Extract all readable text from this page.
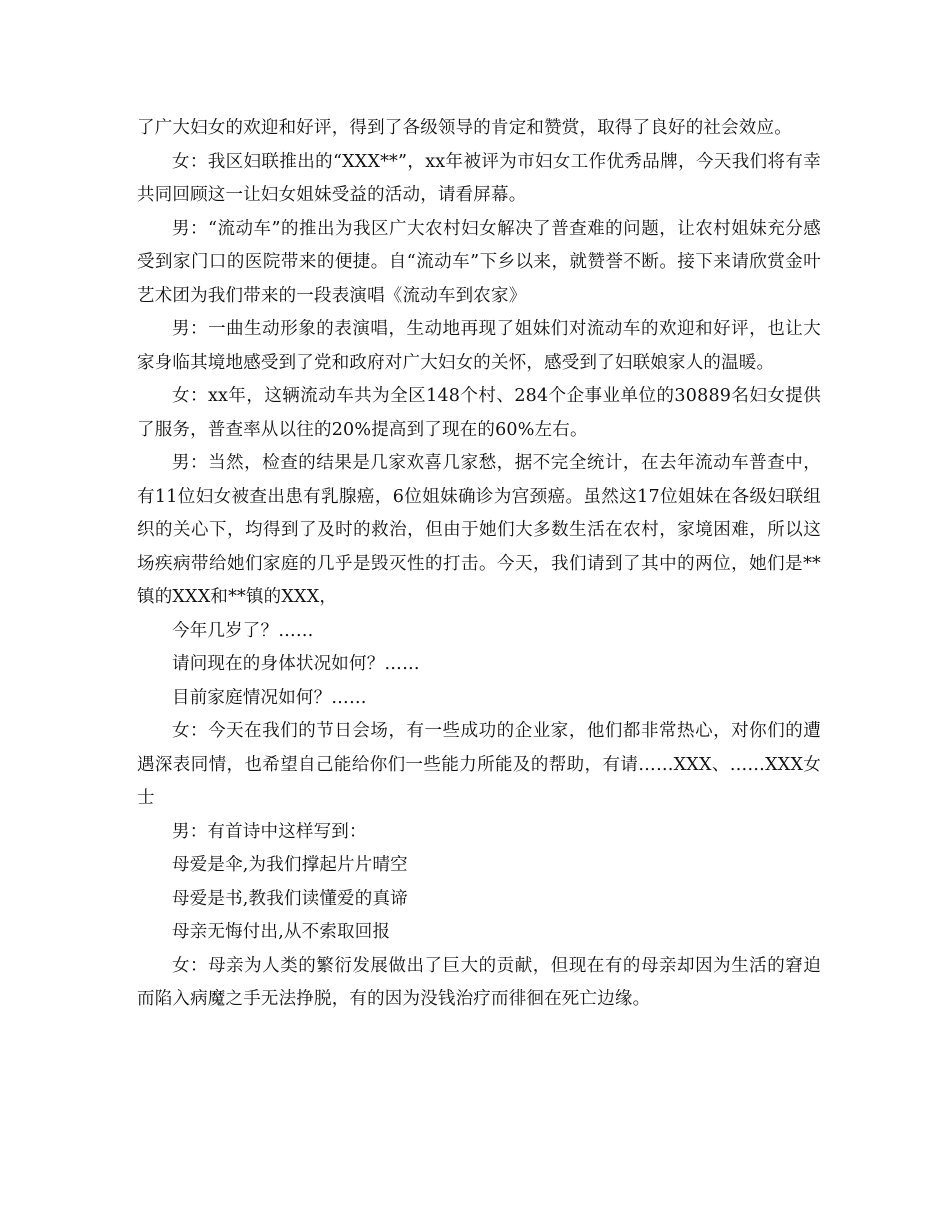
了广大妇女的欢迎和好评，得到了各级领导的肯定和赞赏，取得了良好的社会效应。

女：我区妇联推出的“XXX**”，xx年被评为市妇女工作优秀品牌，今天我们将有幸共同回顾这一让妇女姐妹受益的活动，请看屏幕。

男：“流动车”的推出为我区广大农村妇女解决了普查难的问题，让农村姐妹充分感受到家门口的医院带来的便捷。自“流动车”下乡以来，就赞誉不断。接下来请欣赏金叶艺术团为我们带来的一段表演唱《流动车到农家》

男：一曲生动形象的表演唱，生动地再现了姐妹们对流动车的欢迎和好评，也让大家身临其境地感受到了党和政府对广大妇女的关怀，感受到了妇联娘家人的温暖。

女：xx年，这辆流动车共为全区148个村、284个企事业单位的30889名妇女提供了服务，普查率从以往的20%提高到了现在的60%左右。

男：当然，检查的结果是几家欢喜几家愁，据不完全统计，在去年流动车普查中，有11位妇女被查出患有乳腺癌，6位姐妹确诊为宫颈癌。虽然这17位姐妹在各级妇联组织的关心下，均得到了及时的救治，但由于她们大多数生活在农村，家境困难，所以这场疾病带给她们家庭的几乎是毁灭性的打击。今天，我们请到了其中的两位，她们是**镇的XXX和**镇的XXX，

今年几岁了？……

请问现在的身体状况如何？……

目前家庭情况如何？……

女：今天在我们的节日会场，有一些成功的企业家，他们都非常热心，对你们的遭遇深表同情，也希望自己能给你们一些能力所能及的帮助，有请……XXX、……XXX女士

男：有首诗中这样写到：

母爱是伞,为我们撑起片片晴空

母爱是书,教我们读懂爱的真谛

母亲无悔付出,从不索取回报

女：母亲为人类的繁衍发展做出了巨大的贡献，但现在有的母亲却因为生活的窘迫而陷入病魔之手无法挣脱，有的因为没钱治疗而徘徊在死亡边缘。
